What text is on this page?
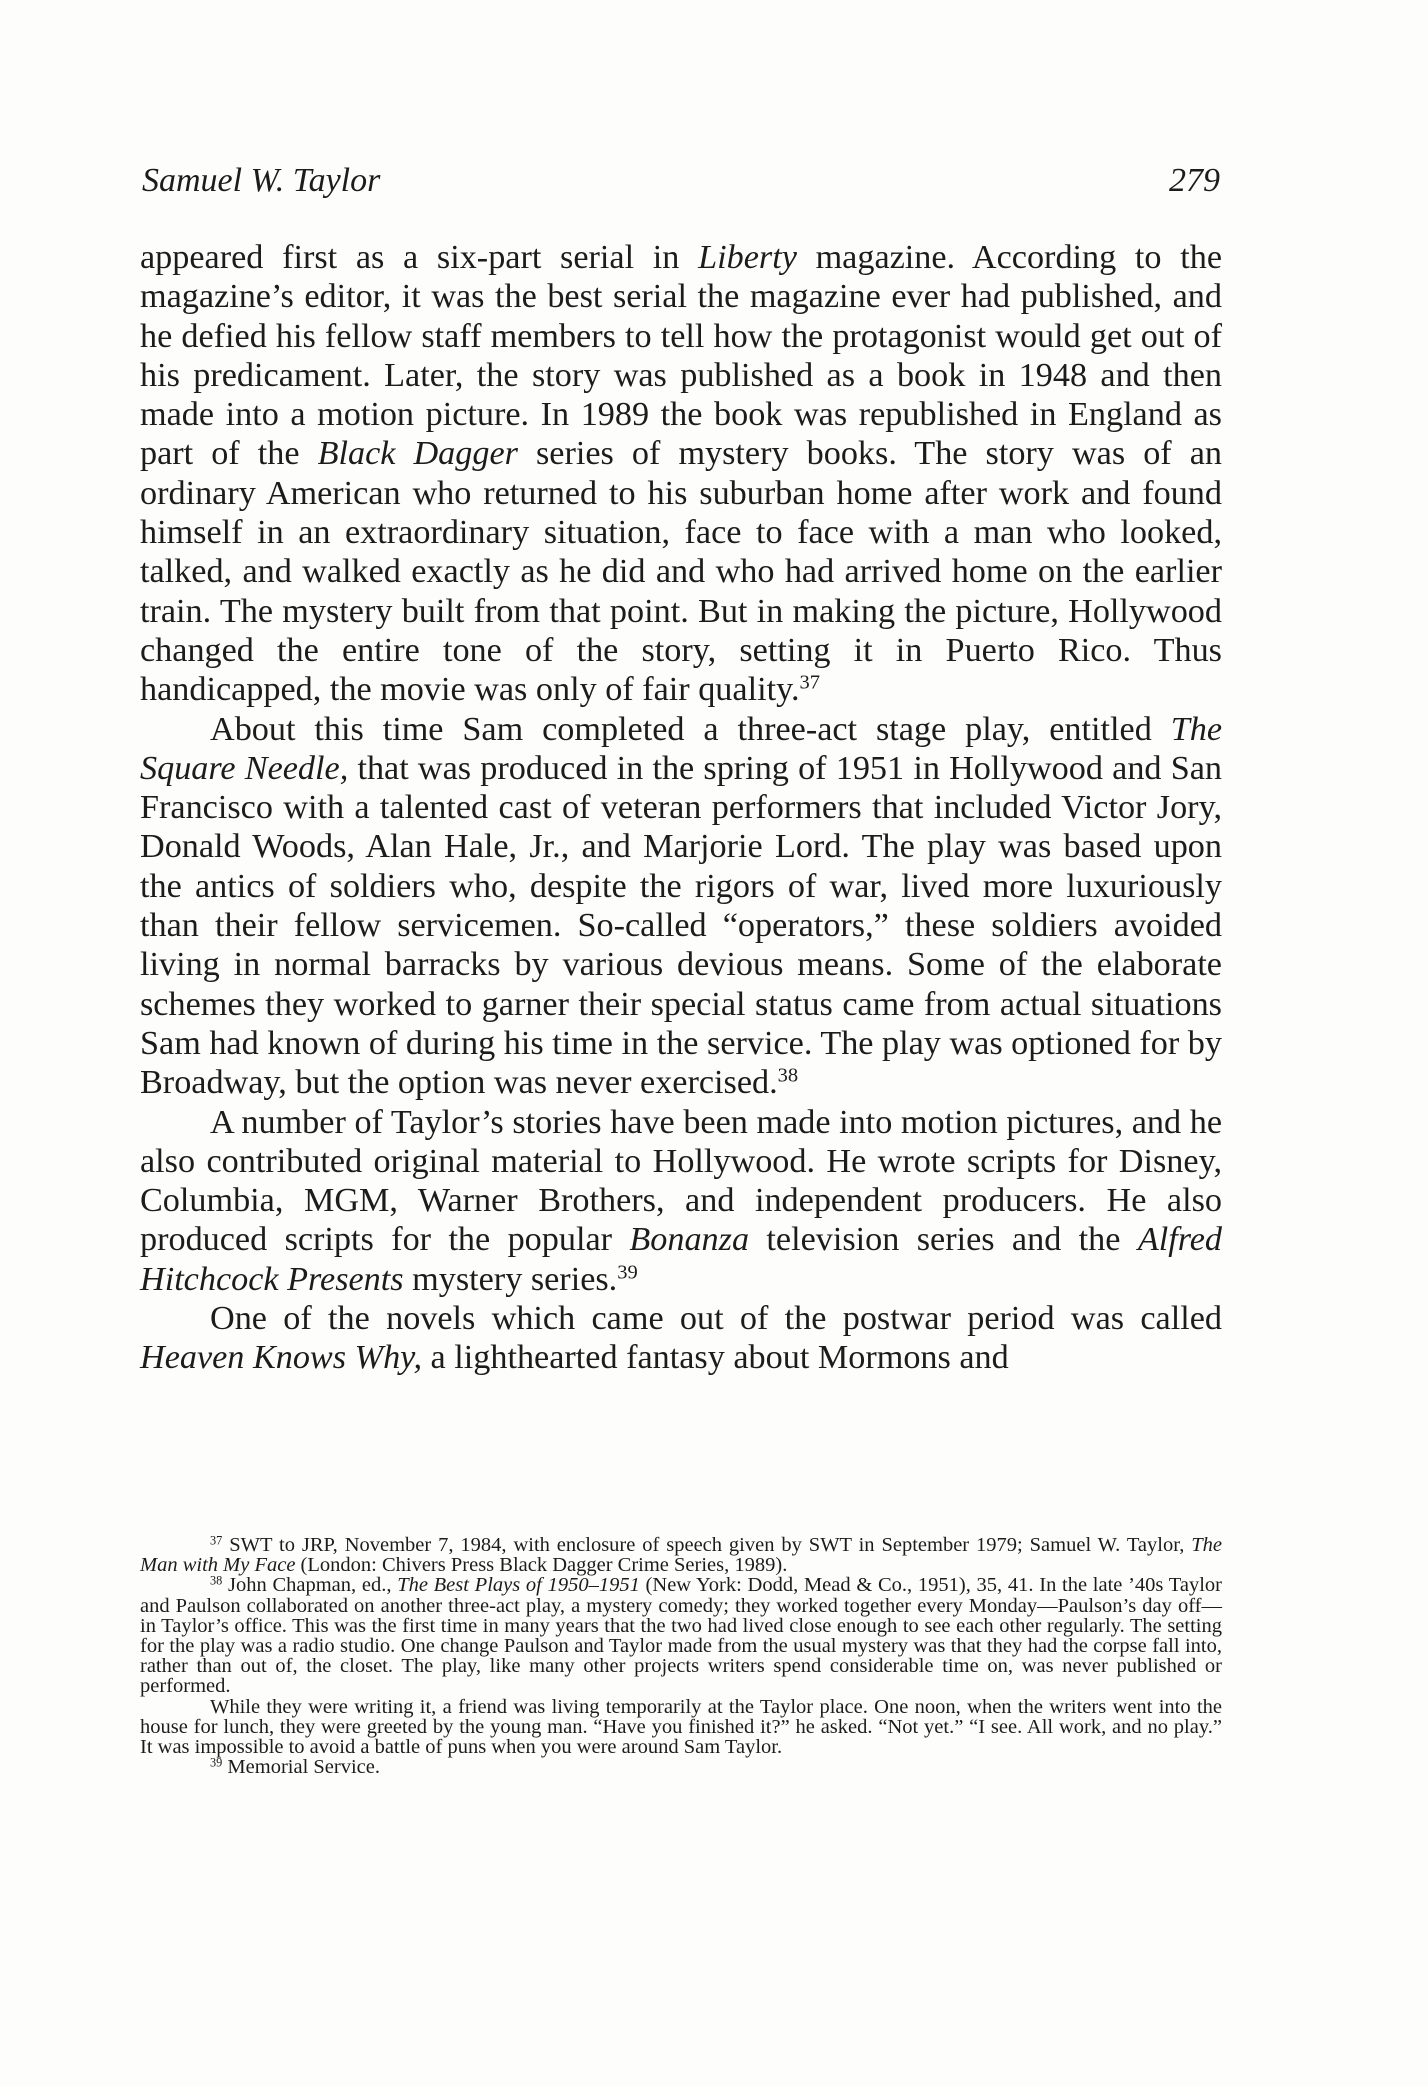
Samuel W. Taylor	279

appeared first as a six-part serial in Liberty magazine. According to the magazine’s editor, it was the best serial the magazine ever had published, and he defied his fellow staff members to tell how the protagonist would get out of his predicament. Later, the story was published as a book in 1948 and then made into a motion picture. In 1989 the book was republished in England as part of the Black Dagger series of mystery books. The story was of an ordinary American who returned to his suburban home after work and found himself in an extraordinary situation, face to face with a man who looked, talked, and walked exactly as he did and who had arrived home on the earlier train. The mystery built from that point. But in making the picture, Hollywood changed the entire tone of the story, setting it in Puerto Rico. Thus handicapped, the movie was only of fair quality.$^{37}$

About this time Sam completed a three-act stage play, entitled The Square Needle, that was produced in the spring of 1951 in Hollywood and San Francisco with a talented cast of veteran performers that included Victor Jory, Donald Woods, Alan Hale, Jr., and Marjorie Lord. The play was based upon the antics of soldiers who, despite the rigors of war, lived more luxuriously than their fellow servicemen. So-called “operators,” these soldiers avoided living in normal barracks by various devious means. Some of the elaborate schemes they worked to garner their special status came from actual situations Sam had known of during his time in the service. The play was optioned for by Broadway, but the option was never exercised.$^{38}$

A number of Taylor’s stories have been made into motion pictures, and he also contributed original material to Hollywood. He wrote scripts for Disney, Columbia, MGM, Warner Brothers, and independent producers. He also produced scripts for the popular Bonanza television series and the Alfred Hitchcock Presents mystery series.$^{39}$

One of the novels which came out of the postwar period was called Heaven Knows Why, a lighthearted fantasy about Mormons and

$^{37}$ SWT to JRP, November 7, 1984, with enclosure of speech given by SWT in September 1979; Samuel W. Taylor, The Man with My Face (London: Chivers Press Black Dagger Crime Series, 1989).

$^{38}$ John Chapman, ed., The Best Plays of 1950–1951 (New York: Dodd, Mead & Co., 1951), 35, 41. In the late ’40s Taylor and Paulson collaborated on another three-act play, a mystery comedy; they worked together every Monday—Paulson’s day off—in Taylor’s office. This was the first time in many years that the two had lived close enough to see each other regularly. The setting for the play was a radio studio. One change Paulson and Taylor made from the usual mystery was that they had the corpse fall into, rather than out of, the closet. The play, like many other projects writers spend considerable time on, was never published or performed.

While they were writing it, a friend was living temporarily at the Taylor place. One noon, when the writers went into the house for lunch, they were greeted by the young man. “Have you finished it?” he asked. “Not yet.” “I see. All work, and no play.” It was impossible to avoid a battle of puns when you were around Sam Taylor.

$^{39}$ Memorial Service.
